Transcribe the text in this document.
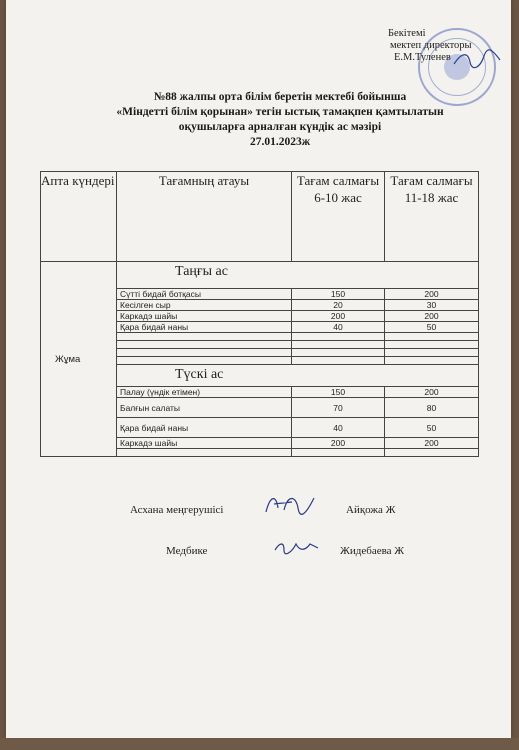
Бекітемі
мектеп директоры
Е.М.Туленев
№88 жалпы орта білім беретін мектебі бойынша
«Міндетті білім қорынан» тегін ыстық тамақпен қамтылатын
оқушыларға арналған күндік ас мәзірі
27.01.2023ж
Апта күндері	Тағамның атауы	Тағам салмағы 6-10 жас	Тағам салмағы 11-18 жас
Жұма	Таңғы ас		
	Сүтті бидай ботқасы	150	200
	Кесілген сыр	20	30
	Каркадэ шайы	200	200
	Қара бидай наны	40	50

	Түскі ас		
	Палау (үндік етімен)	150	200
	Балғын салаты	70	80
	Қара бидай наны	40	50
	Каркадэ шайы	200	200

Асхана меңгерушісі	Айқожа Ж
Медбике	Жидебаева Ж
